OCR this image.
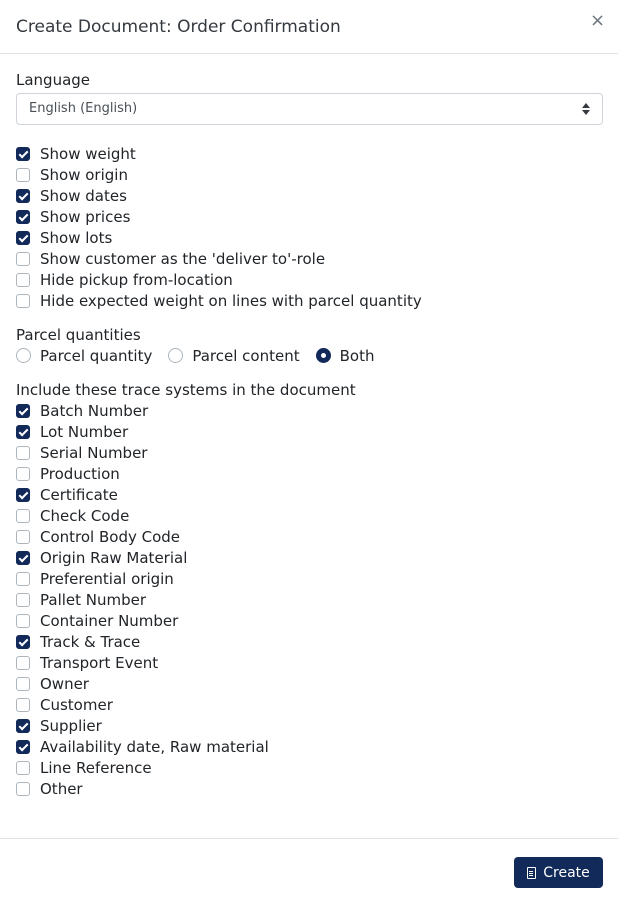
Create Document: Order Confirmation	×
Language
English (English)
Show weight
Show origin
Show dates
Show prices
Show lots
Show customer as the 'deliver to'-role
Hide pickup from-location
Hide expected weight on lines with parcel quantity
Parcel quantities
Parcel quantity	Parcel content	Both
Include these trace systems in the document
Batch Number
Lot Number
Serial Number
Production
Certificate
Check Code
Control Body Code
Origin Raw Material
Preferential origin
Pallet Number
Container Number
Track & Trace
Transport Event
Owner
Customer
Supplier
Availability date, Raw material
Line Reference
Other
Create
